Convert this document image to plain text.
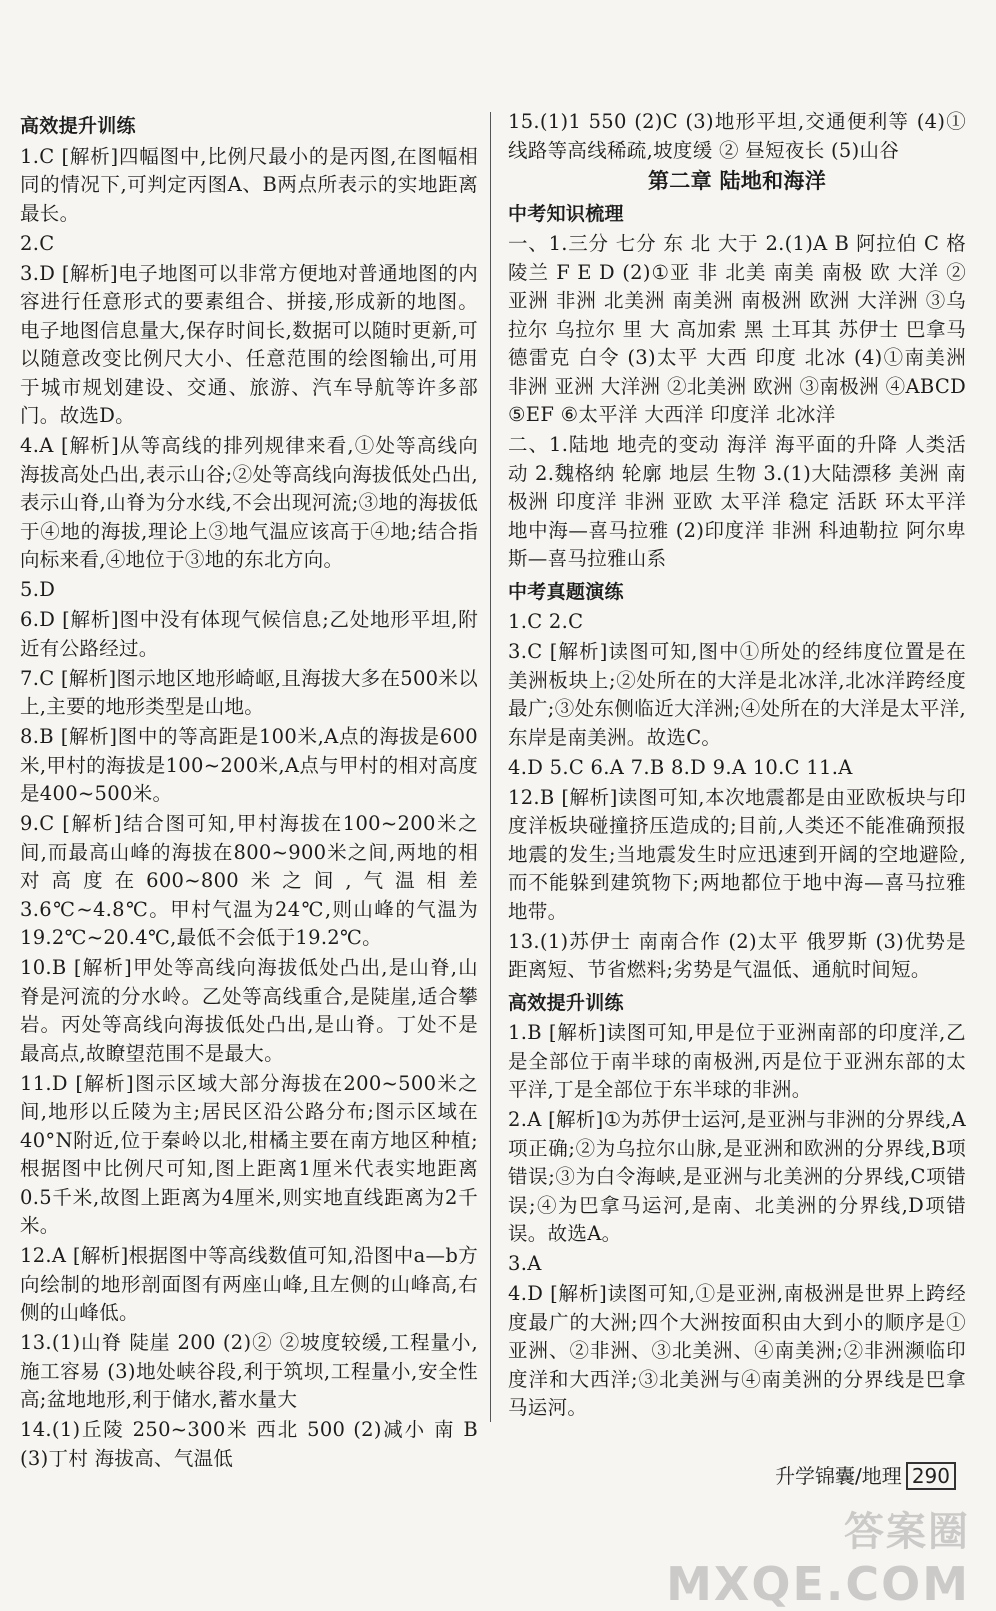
高效提升训练
1.C [解析]四幅图中,比例尺最小的是丙图,在图幅相同的情况下,可判定丙图A、B两点所表示的实地距离最长。
2.C
3.D [解析]电子地图可以非常方便地对普通地图的内容进行任意形式的要素组合、拼接,形成新的地图。电子地图信息量大,保存时间长,数据可以随时更新,可以随意改变比例尺大小、任意范围的绘图输出,可用于城市规划建设、交通、旅游、汽车导航等许多部门。故选D。
4.A [解析]从等高线的排列规律来看,①处等高线向海拔高处凸出,表示山谷;②处等高线向海拔低处凸出,表示山脊,山脊为分水线,不会出现河流;③地的海拔低于④地的海拔,理论上③地气温应该高于④地;结合指向标来看,④地位于③地的东北方向。
5.D
6.D [解析]图中没有体现气候信息;乙处地形平坦,附近有公路经过。
7.C [解析]图示地区地形崎岖,且海拔大多在500米以上,主要的地形类型是山地。
8.B [解析]图中的等高距是100米,A点的海拔是600米,甲村的海拔是100~200米,A点与甲村的相对高度是400~500米。
9.C [解析]结合图可知,甲村海拔在100~200米之间,而最高山峰的海拔在800~900米之间,两地的相对高度在600~800米之间,气温相差3.6℃~4.8℃。甲村气温为24℃,则山峰的气温为19.2℃~20.4℃,最低不会低于19.2℃。
10.B [解析]甲处等高线向海拔低处凸出,是山脊,山脊是河流的分水岭。乙处等高线重合,是陡崖,适合攀岩。丙处等高线向海拔低处凸出,是山脊。丁处不是最高点,故瞭望范围不是最大。
11.D [解析]图示区域大部分海拔在200~500米之间,地形以丘陵为主;居民区沿公路分布;图示区域在40°N附近,位于秦岭以北,柑橘主要在南方地区种植;根据图中比例尺可知,图上距离1厘米代表实地距离0.5千米,故图上距离为4厘米,则实地直线距离为2千米。
12.A [解析]根据图中等高线数值可知,沿图中a—b方向绘制的地形剖面图有两座山峰,且左侧的山峰高,右侧的山峰低。
13.(1)山脊 陡崖 200 (2)② ②坡度较缓,工程量小,施工容易 (3)地处峡谷段,利于筑坝,工程量小,安全性高;盆地地形,利于储水,蓄水量大
14.(1)丘陵 250~300米 西北 500 (2)减小 南 B (3)丁村 海拔高、气温低
15.(1)1 550 (2)C (3)地形平坦,交通便利等 (4)①线路等高线稀疏,坡度缓 ② 昼短夜长 (5)山谷
第二章 陆地和海洋
中考知识梳理
一、1.三分 七分 东 北 大于 2.(1)A B 阿拉伯 C 格陵兰 F E D (2)①亚 非 北美 南美 南极 欧 大洋 ②亚洲 非洲 北美洲 南美洲 南极洲 欧洲 大洋洲 ③乌拉尔 乌拉尔 里 大 高加索 黑 土耳其 苏伊士 巴拿马 德雷克 白令 (3)太平 大西 印度 北冰 (4)①南美洲 非洲 亚洲 大洋洲 ②北美洲 欧洲 ③南极洲 ④ABCD ⑤EF ⑥太平洋 大西洋 印度洋 北冰洋
二、1.陆地 地壳的变动 海洋 海平面的升降 人类活动 2.魏格纳 轮廓 地层 生物 3.(1)大陆漂移 美洲 南极洲 印度洋 非洲 亚欧 太平洋 稳定 活跃 环太平洋 地中海—喜马拉雅 (2)印度洋 非洲 科迪勒拉 阿尔卑斯—喜马拉雅山系
中考真题演练
1.C 2.C
3.C [解析]读图可知,图中①所处的经纬度位置是在美洲板块上;②处所在的大洋是北冰洋,北冰洋跨经度最广;③处东侧临近大洋洲;④处所在的大洋是太平洋,东岸是南美洲。故选C。
4.D 5.C 6.A 7.B 8.D 9.A 10.C 11.A
12.B [解析]读图可知,本次地震都是由亚欧板块与印度洋板块碰撞挤压造成的;目前,人类还不能准确预报地震的发生;当地震发生时应迅速到开阔的空地避险,而不能躲到建筑物下;两地都位于地中海—喜马拉雅地带。
13.(1)苏伊士 南南合作 (2)太平 俄罗斯 (3)优势是距离短、节省燃料;劣势是气温低、通航时间短。
高效提升训练
1.B [解析]读图可知,甲是位于亚洲南部的印度洋,乙是全部位于南半球的南极洲,丙是位于亚洲东部的太平洋,丁是全部位于东半球的非洲。
2.A [解析]①为苏伊士运河,是亚洲与非洲的分界线,A项正确;②为乌拉尔山脉,是亚洲和欧洲的分界线,B项错误;③为白令海峡,是亚洲与北美洲的分界线,C项错误;④为巴拿马运河,是南、北美洲的分界线,D项错误。故选A。
3.A
4.D [解析]读图可知,①是亚洲,南极洲是世界上跨经度最广的大洲;四个大洲按面积由大到小的顺序是①亚洲、②非洲、③北美洲、④南美洲;②非洲濒临印度洋和大西洋;③北美洲与④南美洲的分界线是巴拿马运河。
升学锦囊/地理 290
答案圈
MXQE.COM
